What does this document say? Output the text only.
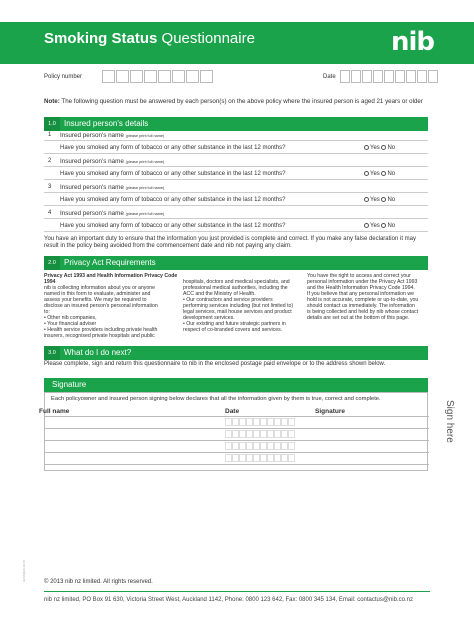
Smoking Status Questionnaire	nib
Policy number	Date
Note: The following question must be answered by each person(s) on the above policy where the insured person is aged 21 years or older
1.0	Insured person's details
1 Insured person's name (please print full name)
Have you smoked any form of tobacco or any other substance in the last 12 months?	Yes No
2 Insured person's name (please print full name)
Have you smoked any form of tobacco or any other substance in the last 12 months?	Yes No
3 Insured person's name (please print full name)
Have you smoked any form of tobacco or any other substance in the last 12 months?	Yes No
4 Insured person's name (please print full name)
Have you smoked any form of tobacco or any other substance in the last 12 months?	Yes No
You have an important duty to ensure that the information you just provided is complete and correct. If you make any false declaration it may
result in the policy being avoided from the commencement date and nib not paying any claim.
2.0	Privacy Act Requirements
Privacy Act 1993 and Health Information Privacy Code 1994
nib is collecting information about you or anyone
named in this form to evaluate, administer and
assess your benefits. We may be required to
disclose an insured person's personal information
to:
• Other nib companies,
• Your financial adviser
• Health service providers including private health
insurers, recognised private hospitals and public
hospitals, doctors and medical specialists, and
professional medical authorities, including the
ACC and the Ministry of Health.
• Our contractors and service providers
performing services including (but not limited to)
legal services, mail house services and product
development services.
• Our existing and future strategic partners in
respect of co-branded covers and services.
You have the right to access and correct your
personal information under the Privacy Act 1993
and the Health Information Privacy Code 1994.
If you believe that any personal information we
hold is not accurate, complete or up-to-date, you
should contact us immediately. The information
is being collected and held by nib whose contact
details are set out at the bottom of this page.
3.0	What do I do next?
Please complete, sign and return this questionnaire to nib in the enclosed postage paid envelope or to the address shown below.
Signature
Each policyowner and insured person signing below declares that all the information given by them is true, correct and complete.
Full name	Date	Signature	Sign here
nibSSQ09 10-15	© 2013 nib nz limited. All rights reserved.
nib nz limited, PO Box 91 630, Victoria Street West, Auckland 1142, Phone: 0800 123 642, Fax: 0800 345 134, Email: contactus@nib.co.nz
